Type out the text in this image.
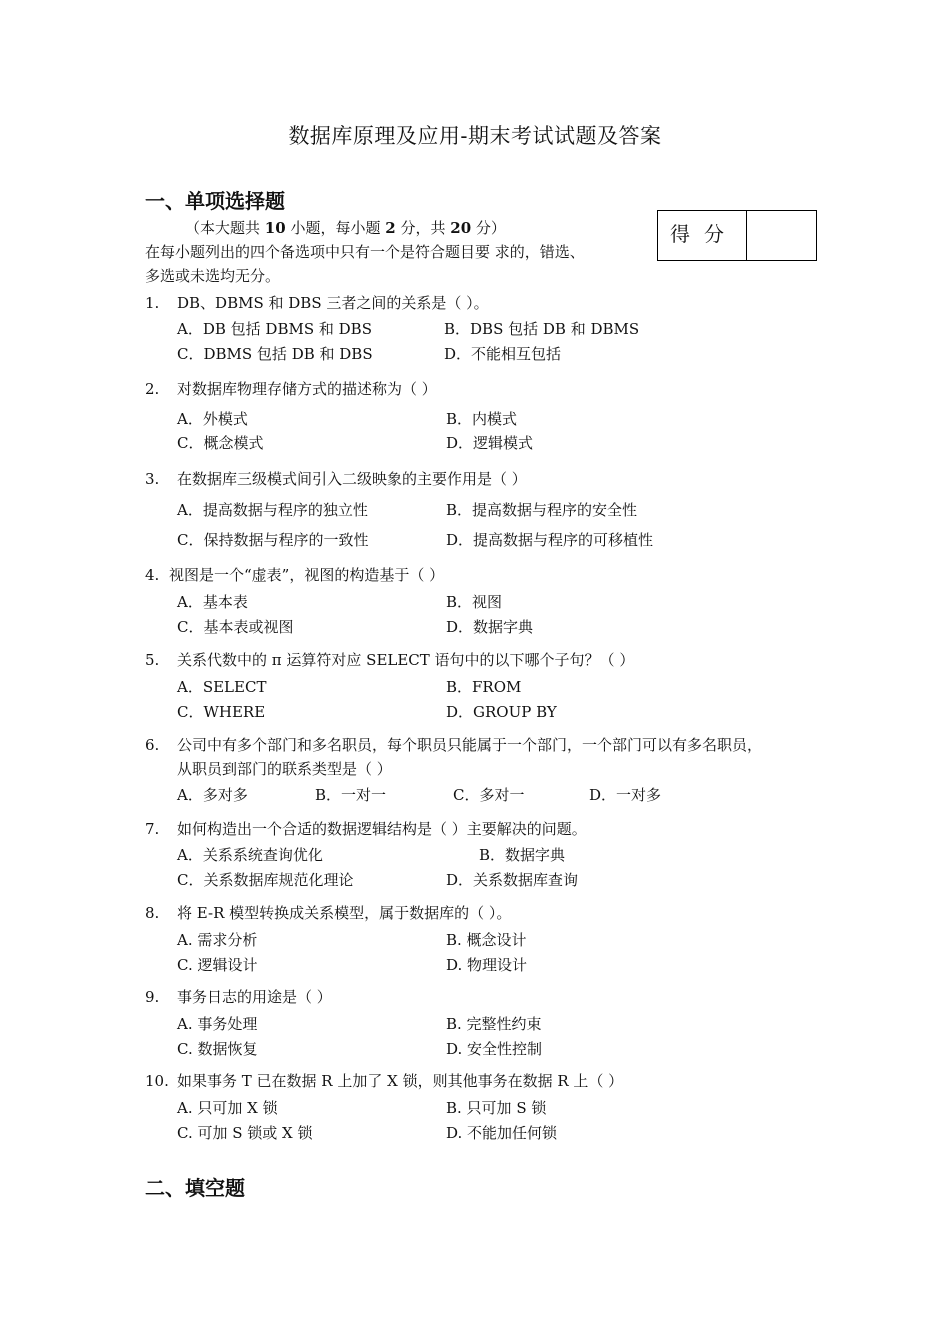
数据库原理及应用-期末考试试题及答案
一、单项选择题
（本大题共 10 小题，每小题 2 分，共 20 分）
在每小题列出的四个备选项中只有一个是符合题目要 求的，错选、
多选或未选均无分。
得分
1. DB、DBMS 和 DBS 三者之间的关系是（ ）。
A．DB 包括 DBMS 和 DBS	B．DBS 包括 DB 和 DBMS
C．DBMS 包括 DB 和 DBS	D．不能相互包括
2. 对数据库物理存储方式的描述称为（ ）
A．外模式	B．内模式
C．概念模式	D．逻辑模式
3. 在数据库三级模式间引入二级映象的主要作用是（ ）
A．提高数据与程序的独立性	B．提高数据与程序的安全性
C．保持数据与程序的一致性	D．提高数据与程序的可移植性
4. 视图是一个“虚表”，视图的构造基于（ ）
A．基本表	B．视图
C．基本表或视图	D．数据字典
5. 关系代数中的 π 运算符对应 SELECT 语句中的以下哪个子句？（ ）
A．SELECT	B．FROM
C．WHERE	D．GROUP BY
6. 公司中有多个部门和多名职员，每个职员只能属于一个部门，一个部门可以有多名职员，
从职员到部门的联系类型是（ ）
A．多对多	B．一对一	C．多对一	D．一对多
7. 如何构造出一个合适的数据逻辑结构是（ ）主要解决的问题。
A．关系系统查询优化	B．数据字典
C．关系数据库规范化理论	D．关系数据库查询
8. 将 E-R 模型转换成关系模型，属于数据库的（ ）。
A. 需求分析	B. 概念设计
C. 逻辑设计	D. 物理设计
9. 事务日志的用途是（ ）
A. 事务处理	B. 完整性约束
C. 数据恢复	D. 安全性控制
10. 如果事务 T 已在数据 R 上加了 X 锁，则其他事务在数据 R 上（ ）
A. 只可加 X 锁	B. 只可加 S 锁
C. 可加 S 锁或 X 锁	D. 不能加任何锁
二、填空题
